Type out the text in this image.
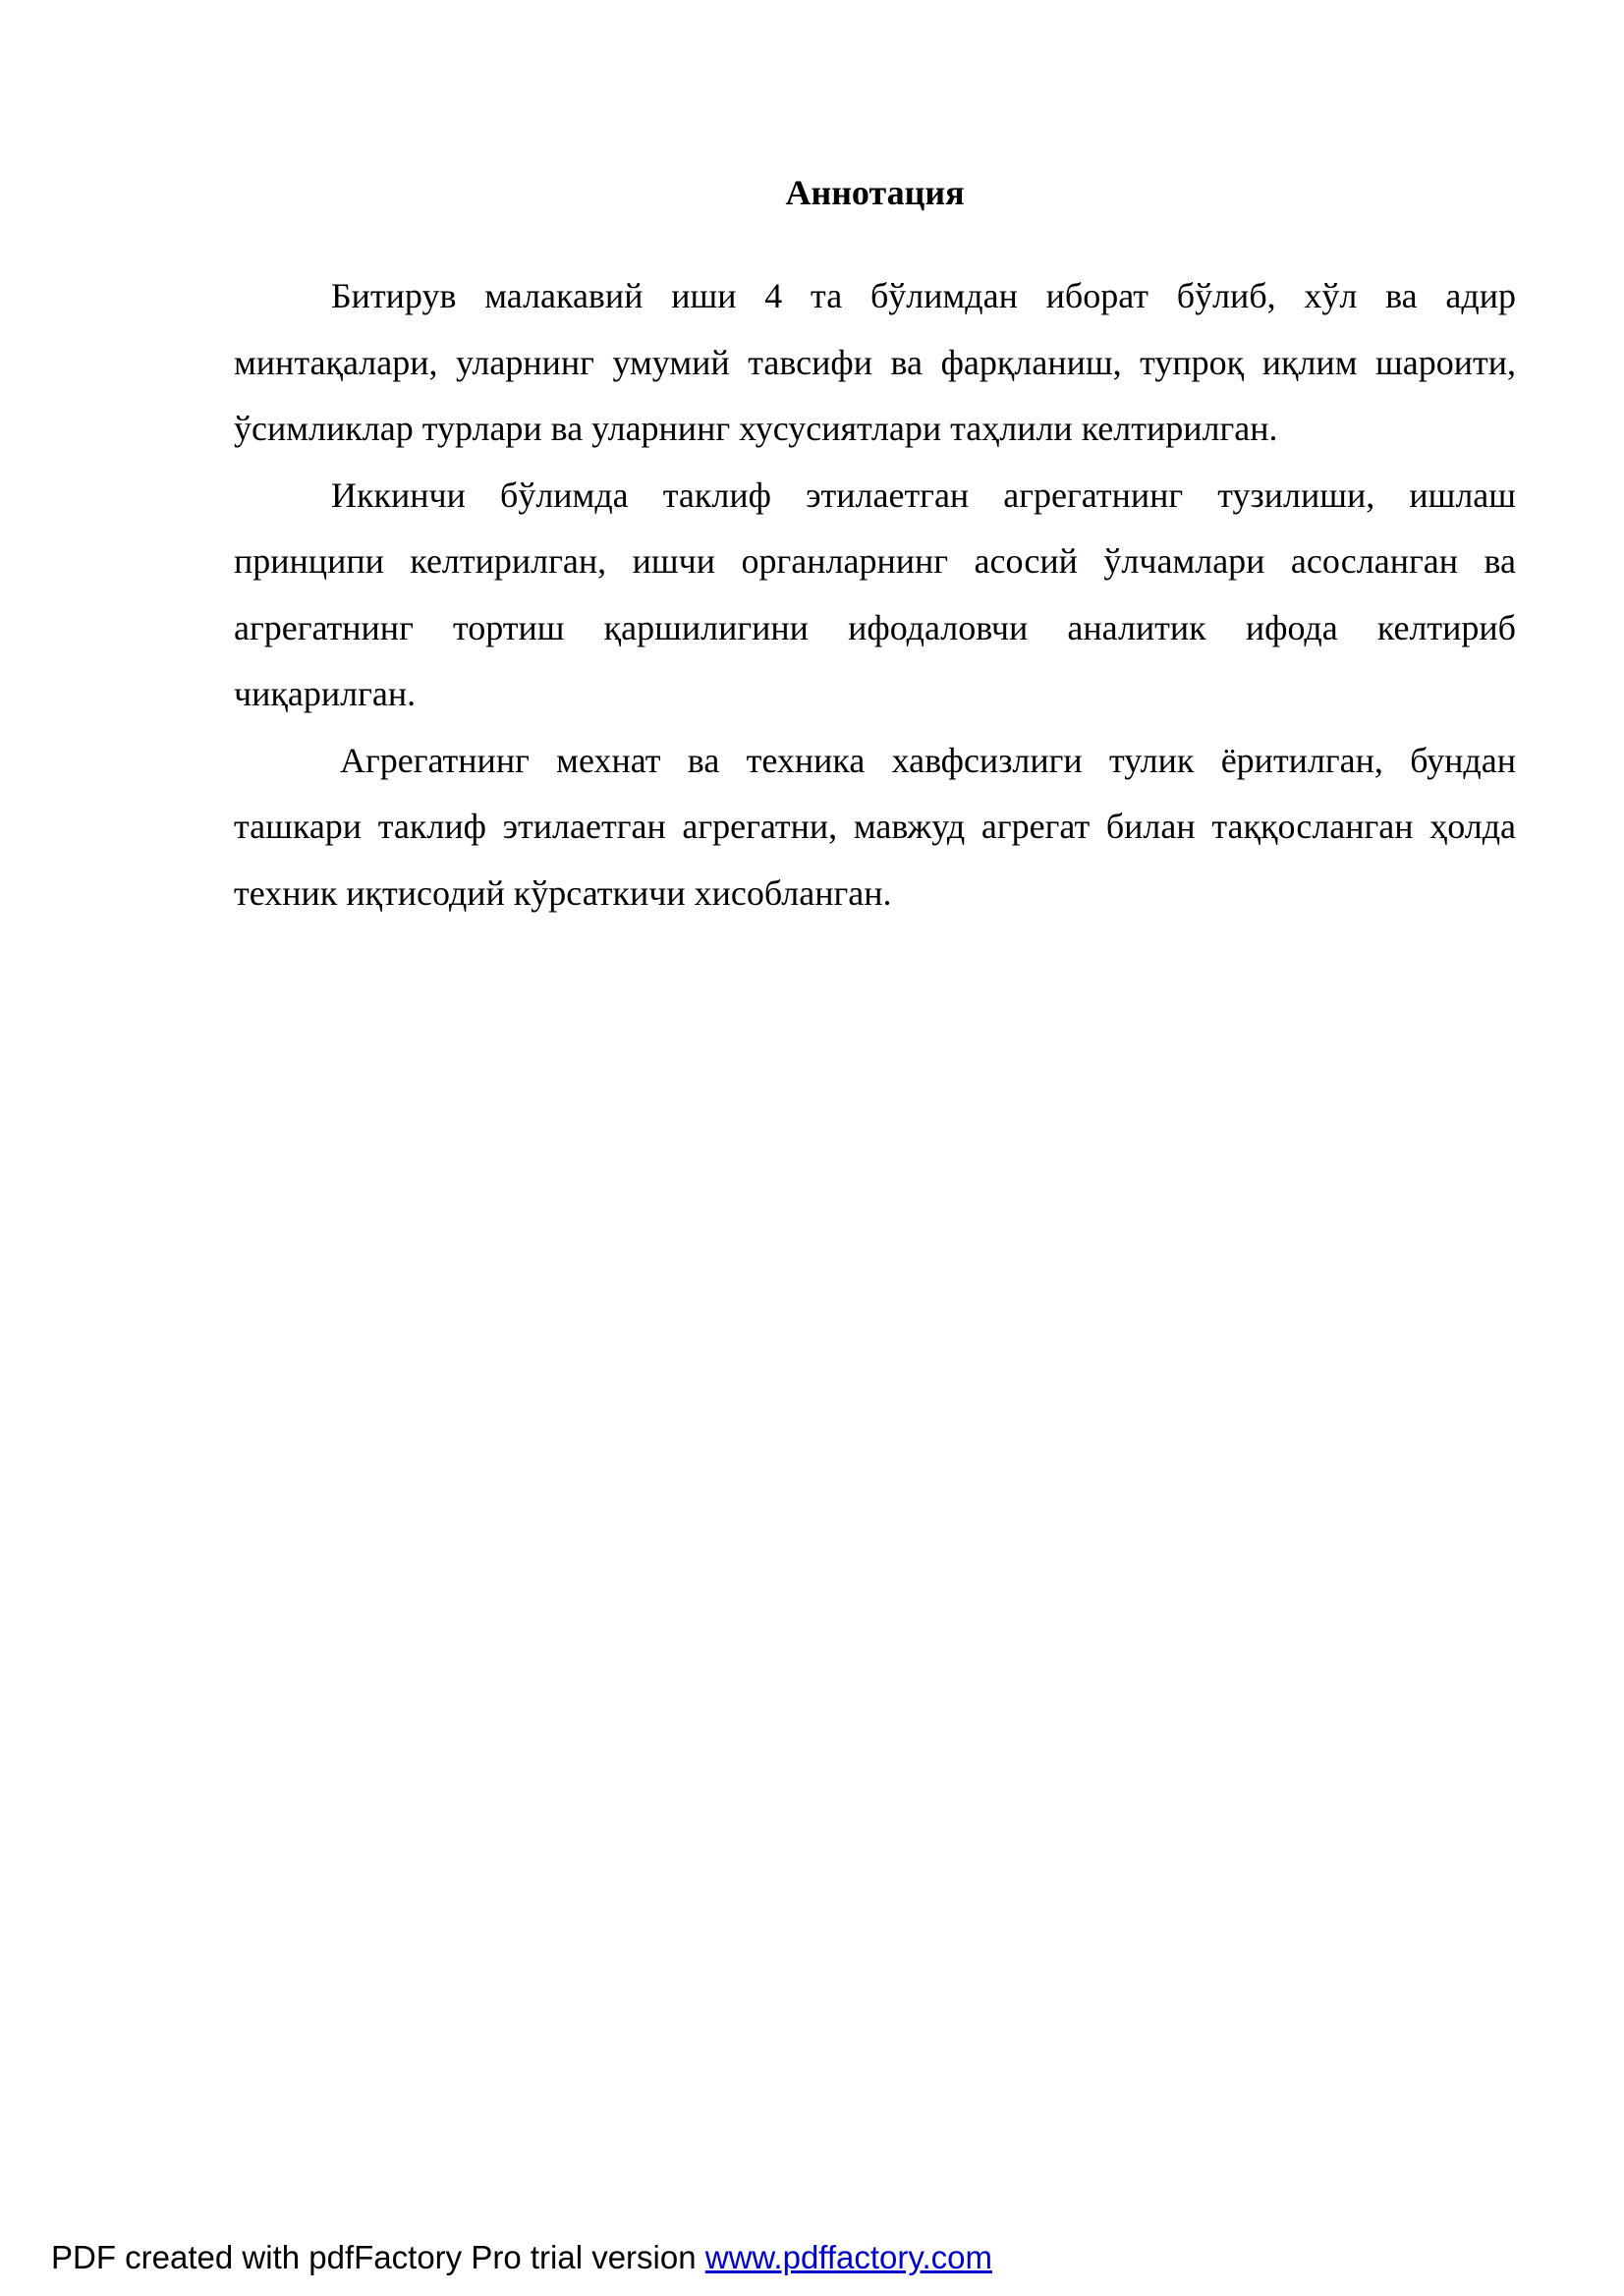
Аннотация

Битирув малакавий иши 4 та бўлимдан иборат бўлиб, хўл ва адир минтақалари, уларнинг умумий тавсифи ва фарқланиш, тупроқ иқлим шароити, ўсимликлар турлари ва уларнинг хусусиятлари таҳлили келтирилган.

Иккинчи бўлимда таклиф этилаетган агрегатнинг тузилиши, ишлаш принципи келтирилган, ишчи органларнинг асосий ўлчамлари асосланган ва агрегатнинг тортиш қаршилигини ифодаловчи аналитик ифода келтириб чиқарилган.

Агрегатнинг мехнат ва техника хавфсизлиги тулик ёритилган, бундан ташкари таклиф этилаетган агрегатни, мавжуд агрегат билан таққосланган ҳолда техник иқтисодий кўрсаткичи хисобланган.

PDF created with pdfFactory Pro trial version www.pdffactory.com
